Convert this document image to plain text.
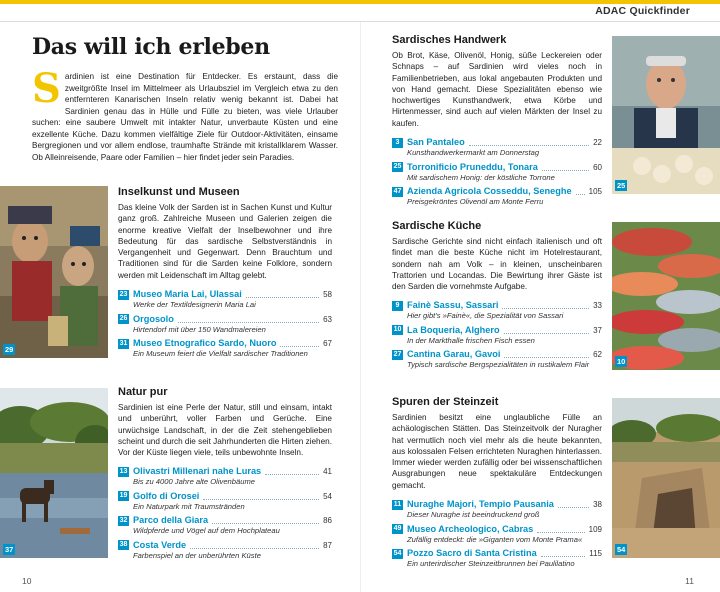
ADAC Quickfinder
Das will ich erleben
Sardinien ist eine Destination für Entdecker. Es erstaunt, dass die zweitgrößte Insel im Mittelmeer als Urlaubsziel im Vergleich etwa zu den entfernteren Kanarischen Inseln relativ wenig bekannt ist. Dabei hat Sardinien genau das in Hülle und Fülle zu bieten, was viele Urlauber suchen: eine saubere Umwelt mit intakter Natur, unverbaute Küsten und eine exzellente Küche. Dazu kommen vielfältige Ziele für Outdoor-Aktivitäten, einsame Bergregionen und vor allem endlose, traumhafte Strände mit kristallklarem Wasser. Ob Alleinreisende, Paare oder Familien – hier findet jeder sein Paradies.
29
37
Inselkunst und Museen

Das kleine Volk der Sarden ist in Sachen Kunst und Kultur ganz groß. Zahlreiche Museen und Galerien zeigen die enorme kreative Vielfalt der Inselbewohner und ihre Bedeutung für das sardische Selbstverständnis in Vergangenheit und Gegenwart. Denn Brauchtum und Traditionen sind für die Sarden keine Folklore, sondern werden mit Leidenschaft im Alltag gelebt.

23 Museo Maria Lai, Ulassai	58
Werke der Textildesignerin Maria Lai
26 Orgosolo	63
Hirtendorf mit über 150 Wandmalereien
31 Museo Etnografico Sardo, Nuoro	67
Ein Museum feiert die Vielfalt sardischer Traditionen
Natur pur

Sardinien ist eine Perle der Natur, still und einsam, intakt und unberührt, voller Farben und Gerüche. Eine urwüchsige Landschaft, in der die Zeit stehengeblieben scheint und durch die seit Jahrhunderten die Hirten ziehen. Vor der Küste liegen viele, teils unbewohnte Inseln.

13 Olivastri Millenari nahe Luras	41
Bis zu 4000 Jahre alte Olivenbäume
19 Golfo di Orosei	54
Ein Naturpark mit Traumstränden
32 Parco della Giara	86
Wildpferde und Vögel auf dem Hochplateau
38 Costa Verde	87
Farbenspiel an der unberührten Küste
Sardisches Handwerk

Ob Brot, Käse, Olivenöl, Honig, süße Leckereien oder Schnaps – auf Sardinien wird vieles noch in Familienbetrieben, aus lokal angebauten Produkten und von Hand gemacht. Diese Spezialitäten ebenso wie hochwertiges Kunsthandwerk, etwa Körbe und Hirtenmesser, sind auch auf vielen Märkten der Insel zu kaufen.

3 San Pantaleo	22
Kunsthandwerkermarkt am Donnerstag
25 Torronificio Pruneddu, Tonara	60
Mit sardischem Honig: der köstliche Torrone
47 Azienda Agricola Cosseddu, Seneghe 105
Preisgekröntes Olivenöl am Monte Ferru
Sardische Küche

Sardische Gerichte sind nicht einfach italienisch und oft findet man die beste Küche nicht im Hotelrestaurant, sondern nah am Volk – in kleinen, unscheinbaren Trattorien und Locandas. Die Bewirtung ihrer Gäste ist den Sarden die vornehmste Aufgabe.

9 Fainè Sassu, Sassari	33
Hier gibt's »Fainè«, die Spezialität von Sassari
10 La Boqueria, Alghero	37
In der Markthalle frischen Fisch essen
27 Cantina Garau, Gavoi	62
Typisch sardische Bergspezialitäten in rustikalem Flair
Spuren der Steinzeit

Sardinien besitzt eine unglaubliche Fülle an achäologischen Stätten. Das Steinzeitvolk der Nuragher hat vermutlich noch viel mehr als die heute bekannten, aus kolossalen Felsen errichteten Nuraghen hinterlassen. Immer wieder werden zufällig oder bei wissenschaftlichen Ausgrabungen neue spektakuläre Entdeckungen gemacht.

11 Nuraghe Majori, Tempio Pausania	38
Dieser Nuraghe ist beeindruckend groß
49 Museo Archeologico, Cabras	109
Zufällig entdeckt: die »Giganten vom Monte Prama«
54 Pozzo Sacro di Santa Cristina	115
Ein unterirdischer Steinzeitbrunnen bei Paulilatino
25
10
54
10	11
